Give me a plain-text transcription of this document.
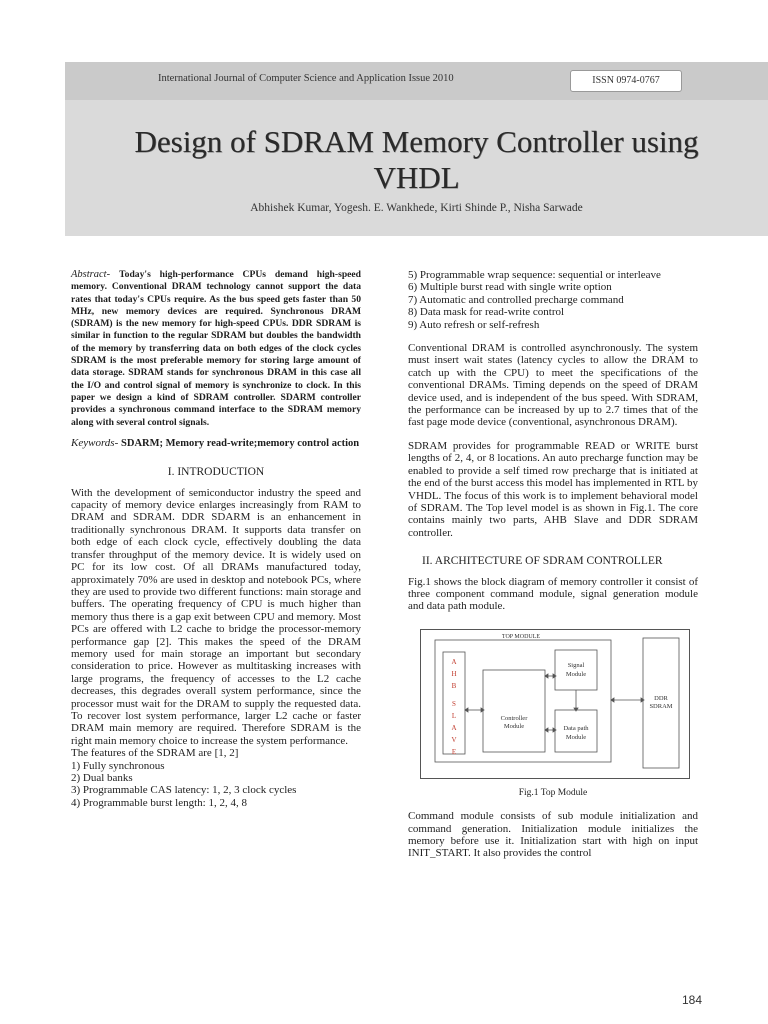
International Journal of Computer Science and Application Issue 2010	ISSN 0974-0767
Design of SDRAM Memory Controller using
VHDL
Abhishek Kumar, Yogesh. E. Wankhede, Kirti Shinde P., Nisha Sarwade

Abstract- Today's high-performance CPUs demand high-speed memory. Conventional DRAM technology cannot support the data rates that today's CPUs require. As the bus speed gets faster than 50 MHz, new memory devices are required. Synchronous DRAM (SDRAM) is the new memory for high-speed CPUs. DDR SDRAM is similar in function to the regular SDRAM but doubles the bandwidth of the memory by transferring data on both edges of the clock cycles SDRAM is the most preferable memory for storing large amount of data storage. SDRAM stands for synchronous DRAM in this case all the I/O and control signal of memory is synchronize to clock. In this paper we design a kind of SDRAM controller. SDARM controller provides a synchronous command interface to the SDRAM memory along with several control signals.

Keywords- SDARM; Memory read-write;memory control action

I. INTRODUCTION

With the development of semiconductor industry the speed and capacity of memory device enlarges increasingly from RAM to DRAM and SDRAM. DDR SDARM is an enhancement in traditionally synchronous DRAM. It supports data transfer on both edge of each clock cycle, effectively doubling the data transfer throughput of the memory device. It is widely used on PC for its low cost. Of all DRAMs manufactured today, approximately 70% are used in desktop and notebook PCs, where they are used to provide two different functions: main storage and buffers. The operating frequency of CPU is much higher than memory thus there is a gap exit between CPU and memory. Most PCs are offered with L2 cache to bridge the processor-memory performance gap [2]. This makes the speed of the DRAM memory used for main storage an important but secondary consideration to price. However as multitasking increases with large programs, the frequency of accesses to the L2 cache decreases, this degrades overall system performance, since the processor must wait for the DRAM to supply the requested data. To recover lost system performance, larger L2 cache or faster DRAM main memory are required. Therefore SDRAM is the right main memory choice to increase the system performance.

The features of the SDRAM are [1, 2]

1) Fully synchronous
2) Dual banks
3) Programmable CAS latency: 1, 2, 3 clock cycles
4) Programmable burst length: 1, 2, 4, 8
5) Programmable wrap sequence: sequential or interleave
6) Multiple burst read with single write option
7) Automatic and controlled precharge command
8) Data mask for read-write control
9) Auto refresh or self-refresh

Conventional DRAM is controlled asynchronously. The system must insert wait states (latency cycles to allow the DRAM to catch up with the CPU) to meet the specifications of the conventional DRAMs. Timing depends on the speed of DRAM device used, and is independent of the bus speed. With SDRAM, the performance can be increased by up to 2.7 times that of the fast page mode device (conventional, asynchronous DRAM).

SDRAM provides for programmable READ or WRITE burst lengths of 2, 4, or 8 locations. An auto precharge function may be enabled to provide a self timed row precharge that is initiated at the end of the burst access this model has implemented in RTL by VHDL. The focus of this work is to implement behavioral model of SDRAM. The Top level model is as shown in Fig.1. The core contains mainly two parts, AHB Slave and DDR SDRAM controller.

II. ARCHITECTURE OF SDRAM CONTROLLER

Fig.1 shows the block diagram of memory controller it consist of three component command module, signal generation module and data path module.

TOP MODULE
A
H
B
S
L
A
V
E
Controller
Module
Signal
Module
Data path
Module
DDR
SDRAM
Fig.1 Top Module

Command module consists of sub module initialization and command generation. Initialization module initializes the memory before use it. Initialization start with high on input INIT_START. It also provides the control

184
